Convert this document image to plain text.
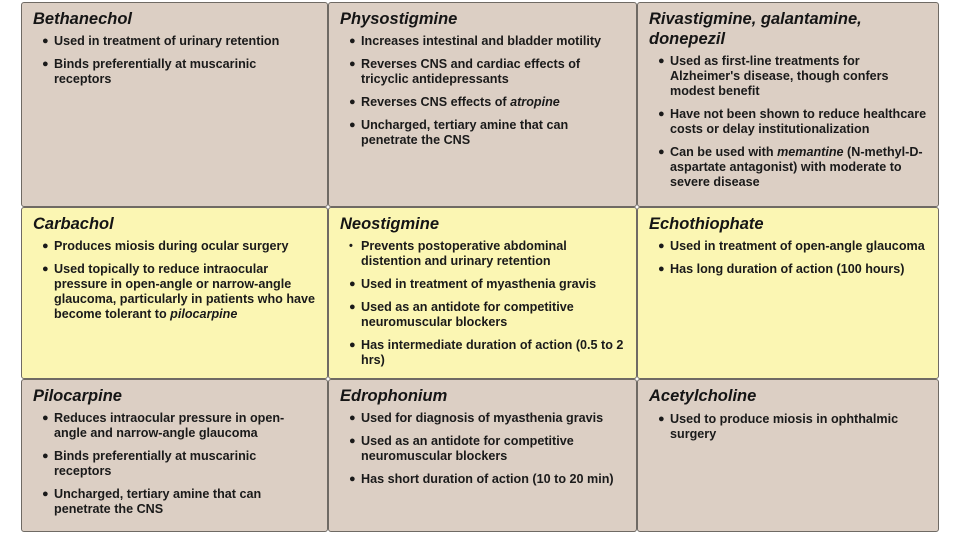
Bethanechol
● Used in treatment of urinary retention
● Binds preferentially at muscarinic receptors
Physostigmine
● Increases intestinal and bladder motility
● Reverses CNS and cardiac effects of tricyclic antidepressants
● Reverses CNS effects of atropine
● Uncharged, tertiary amine that can penetrate the CNS
Rivastigmine, galantamine, donepezil
● Used as first-line treatments for Alzheimer's disease, though confers modest benefit
● Have not been shown to reduce healthcare costs or delay institutionalization
● Can be used with memantine (N-methyl-D-aspartate antagonist) with moderate to severe disease
Carbachol
● Produces miosis during ocular surgery
● Used topically to reduce intraocular pressure in open-angle or narrow-angle glaucoma, particularly in patients who have become tolerant to pilocarpine
Neostigmine
• Prevents postoperative abdominal distention and urinary retention
● Used in treatment of myasthenia gravis
● Used as an antidote for competitive neuromuscular blockers
● Has intermediate duration of action (0.5 to 2 hrs)
Echothiophate
● Used in treatment of open-angle glaucoma
● Has long duration of action (100 hours)
Pilocarpine
● Reduces intraocular pressure in open-angle and narrow-angle glaucoma
● Binds preferentially at muscarinic receptors
● Uncharged, tertiary amine that can penetrate the CNS
Edrophonium
● Used for diagnosis of myasthenia gravis
● Used as an antidote for competitive neuromuscular blockers
● Has short duration of action (10 to 20 min)
Acetylcholine
● Used to produce miosis in ophthalmic surgery
